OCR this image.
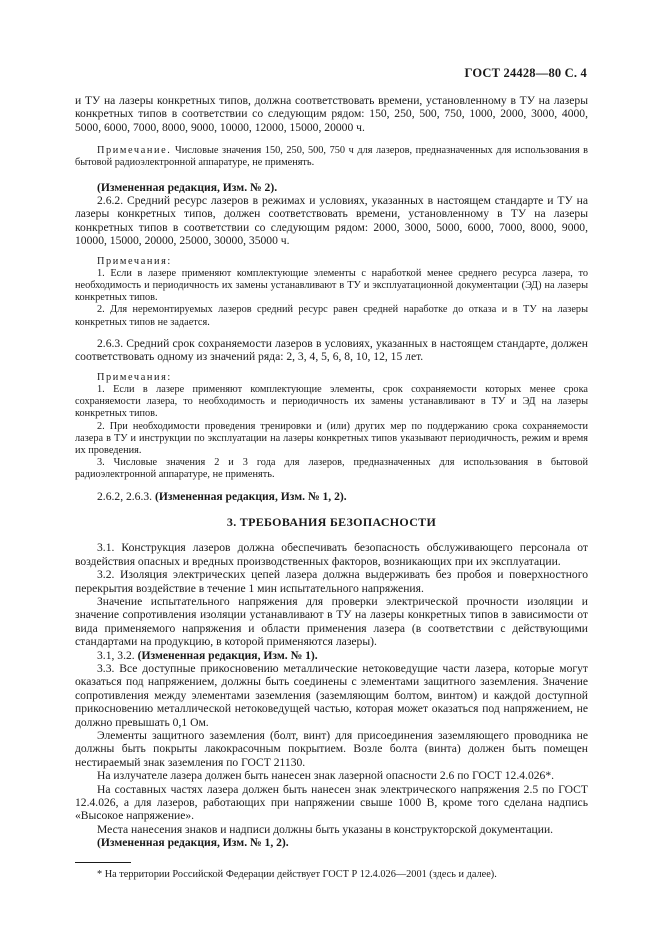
ГОСТ 24428—80 С. 4

и ТУ на лазеры конкретных типов, должна соответствовать времени, установленному в ТУ на лазеры конкретных типов в соответствии со следующим рядом: 150, 250, 500, 750, 1000, 2000, 3000, 4000, 5000, 6000, 7000, 8000, 9000, 10000, 12000, 15000, 20000 ч.

Примечание. Числовые значения 150, 250, 500, 750 ч для лазеров, предназначенных для использования в бытовой радиоэлектронной аппаратуре, не применять.

(Измененная редакция, Изм. № 2).

2.6.2. Средний ресурс лазеров в режимах и условиях, указанных в настоящем стандарте и ТУ на лазеры конкретных типов, должен соответствовать времени, установленному в ТУ на лазеры конкретных типов в соответствии со следующим рядом: 2000, 3000, 5000, 6000, 7000, 8000, 9000, 10000, 15000, 20000, 25000, 30000, 35000 ч.

Примечания:

1. Если в лазере применяют комплектующие элементы с наработкой менее среднего ресурса лазера, то необходимость и периодичность их замены устанавливают в ТУ и эксплуатационной документации (ЭД) на лазеры конкретных типов.

2. Для неремонтируемых лазеров средний ресурс равен средней наработке до отказа и в ТУ на лазеры конкретных типов не задается.

2.6.3. Средний срок сохраняемости лазеров в условиях, указанных в настоящем стандарте, должен соответствовать одному из значений ряда: 2, 3, 4, 5, 6, 8, 10, 12, 15 лет.

Примечания:

1. Если в лазере применяют комплектующие элементы, срок сохраняемости которых менее срока сохраняемости лазера, то необходимость и периодичность их замены устанавливают в ТУ и ЭД на лазеры конкретных типов.

2. При необходимости проведения тренировки и (или) других мер по поддержанию срока сохраняемости лазера в ТУ и инструкции по эксплуатации на лазеры конкретных типов указывают периодичность, режим и время их проведения.

3. Числовые значения 2 и 3 года для лазеров, предназначенных для использования в бытовой радиоэлектронной аппаратуре, не применять.

2.6.2, 2.6.3. (Измененная редакция, Изм. № 1, 2).

3. ТРЕБОВАНИЯ БЕЗОПАСНОСТИ

3.1. Конструкция лазеров должна обеспечивать безопасность обслуживающего персонала от воздействия опасных и вредных производственных факторов, возникающих при их эксплуатации.

3.2. Изоляция электрических цепей лазера должна выдерживать без пробоя и поверхностного перекрытия воздействие в течение 1 мин испытательного напряжения.

Значение испытательного напряжения для проверки электрической прочности изоляции и значение сопротивления изоляции устанавливают в ТУ на лазеры конкретных типов в зависимости от вида применяемого напряжения и области применения лазера (в соответствии с действующими стандартами на продукцию, в которой применяются лазеры).

3.1, 3.2. (Измененная редакция, Изм. № 1).

3.3. Все доступные прикосновению металлические нетоковедущие части лазера, которые могут оказаться под напряжением, должны быть соединены с элементами защитного заземления. Значение сопротивления между элементами заземления (заземляющим болтом, винтом) и каждой доступной прикосновению металлической нетоковедущей частью, которая может оказаться под напряжением, не должно превышать 0,1 Ом.

Элементы защитного заземления (болт, винт) для присоединения заземляющего проводника не должны быть покрыты лакокрасочным покрытием. Возле болта (винта) должен быть помещен нестираемый знак заземления по ГОСТ 21130.

На излучателе лазера должен быть нанесен знак лазерной опасности 2.6 по ГОСТ 12.4.026*.

На составных частях лазера должен быть нанесен знак электрического напряжения 2.5 по ГОСТ 12.4.026, а для лазеров, работающих при напряжении свыше 1000 В, кроме того сделана надпись «Высокое напряжение».

Места нанесения знаков и надписи должны быть указаны в конструкторской документации.

(Измененная редакция, Изм. № 1, 2).

* На территории Российской Федерации действует ГОСТ Р 12.4.026—2001 (здесь и далее).
